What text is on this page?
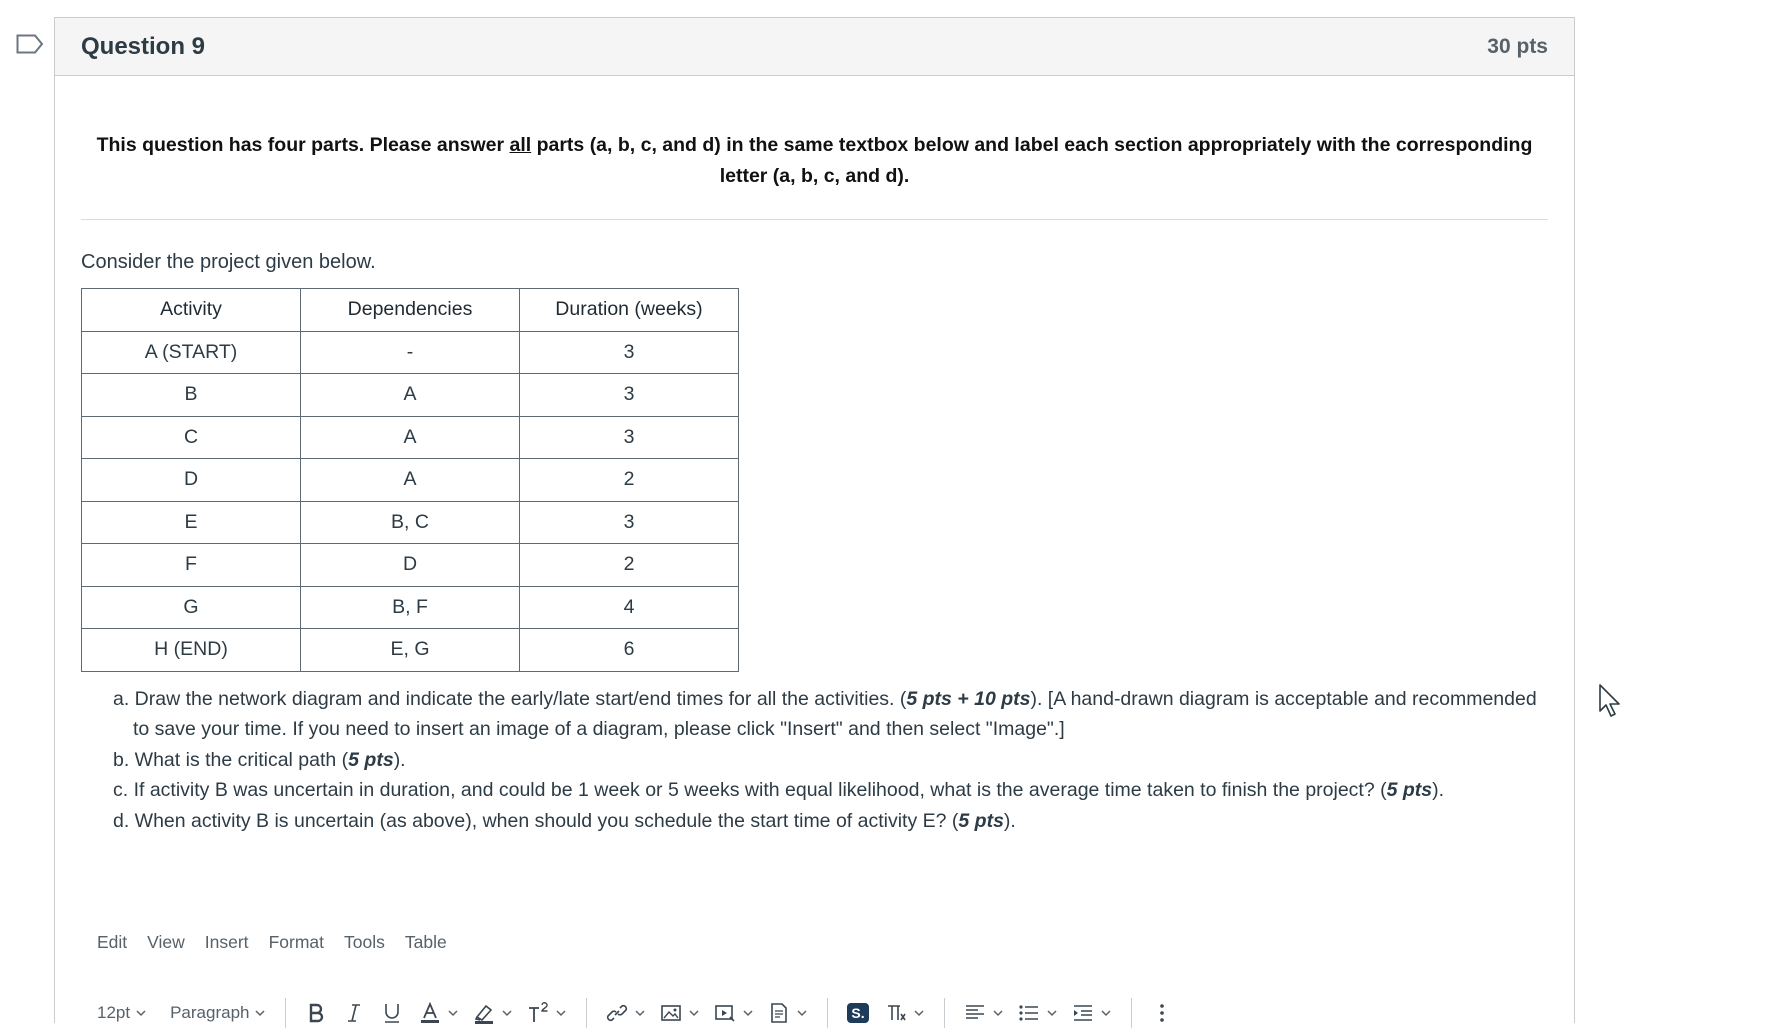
Question 9	30 pts
This question has four parts. Please answer all parts (a, b, c, and d) in the same textbox below and label each section appropriately with the corresponding letter (a, b, c, and d).
Consider the project given below.
Activity	Dependencies	Duration (weeks)
A (START)	-	3
B	A	3
C	A	3
D	A	2
E	B, C	3
F	D	2
G	B, F	4
H (END)	E, G	6
a. Draw the network diagram and indicate the early/late start/end times for all the activities. (5 pts + 10 pts). [A hand-drawn diagram is acceptable and recommended to save your time. If you need to insert an image of a diagram, please click "Insert" and then select "Image".]
b. What is the critical path (5 pts).
c. If activity B was uncertain in duration, and could be 1 week or 5 weeks with equal likelihood, what is the average time taken to finish the project? (5 pts).
d. When activity B is uncertain (as above), when should you schedule the start time of activity E? (5 pts).
Edit View Insert Format Tools Table
12pt Paragraph	S.
